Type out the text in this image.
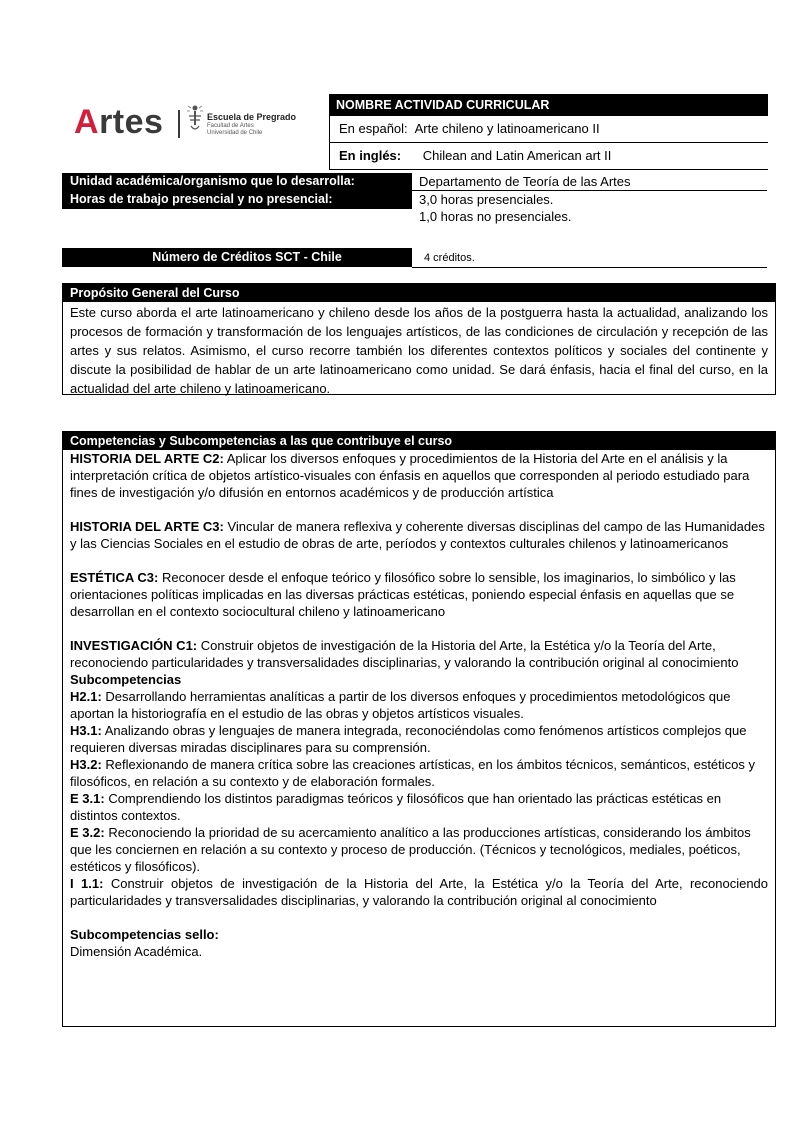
Artes	Escuela de Pregrado
Facultad de Artes
Universidad de Chile
NOMBRE ACTIVIDAD CURRICULAR
En español: Arte chileno y latinoamericano II
En inglés: Chilean and Latin American art II
Unidad académica/organismo que lo desarrolla:	Departamento de Teoría de las Artes
Horas de trabajo presencial y no presencial:	3,0 horas presenciales.
1,0 horas no presenciales.
Número de Créditos SCT - Chile	4 créditos.
Propósito General del Curso
Este curso aborda el arte latinoamericano y chileno desde los años de la postguerra hasta la actualidad, analizando los procesos de formación y transformación de los lenguajes artísticos, de las condiciones de circulación y recepción de las artes y sus relatos. Asimismo, el curso recorre también los diferentes contextos políticos y sociales del continente y discute la posibilidad de hablar de un arte latinoamericano como unidad. Se dará énfasis, hacia el final del curso, en la actualidad del arte chileno y latinoamericano.
Competencias y Subcompetencias a las que contribuye el curso

HISTORIA DEL ARTE C2: Aplicar los diversos enfoques y procedimientos de la Historia del Arte en el análisis y la interpretación crítica de objetos artístico-visuales con énfasis en aquellos que corresponden al periodo estudiado para fines de investigación y/o difusión en entornos académicos y de producción artística

HISTORIA DEL ARTE C3: Vincular de manera reflexiva y coherente diversas disciplinas del campo de las Humanidades y las Ciencias Sociales en el estudio de obras de arte, períodos y contextos culturales chilenos y latinoamericanos

ESTÉTICA C3: Reconocer desde el enfoque teórico y filosófico sobre lo sensible, los imaginarios, lo simbólico y las orientaciones políticas implicadas en las diversas prácticas estéticas, poniendo especial énfasis en aquellas que se desarrollan en el contexto sociocultural chileno y latinoamericano

INVESTIGACIÓN C1: Construir objetos de investigación de la Historia del Arte, la Estética y/o la Teoría del Arte, reconociendo particularidades y transversalidades disciplinarias, y valorando la contribución original al conocimiento

Subcompetencias

H2.1: Desarrollando herramientas analíticas a partir de los diversos enfoques y procedimientos metodológicos que aportan la historiografía en el estudio de las obras y objetos artísticos visuales.

H3.1: Analizando obras y lenguajes de manera integrada, reconociéndolas como fenómenos artísticos complejos que requieren diversas miradas disciplinares para su comprensión.

H3.2: Reflexionando de manera crítica sobre las creaciones artísticas, en los ámbitos técnicos, semánticos, estéticos y filosóficos, en relación a su contexto y de elaboración formales.

E 3.1: Comprendiendo los distintos paradigmas teóricos y filosóficos que han orientado las prácticas estéticas en distintos contextos.

E 3.2: Reconociendo la prioridad de su acercamiento analítico a las producciones artísticas, considerando los ámbitos que les conciernen en relación a su contexto y proceso de producción. (Técnicos y tecnológicos, mediales, poéticos, estéticos y filosóficos).

I 1.1: Construir objetos de investigación de la Historia del Arte, la Estética y/o la Teoría del Arte, reconociendo particularidades y transversalidades disciplinarias, y valorando la contribución original al conocimiento

Subcompetencias sello:

Dimensión Académica.
